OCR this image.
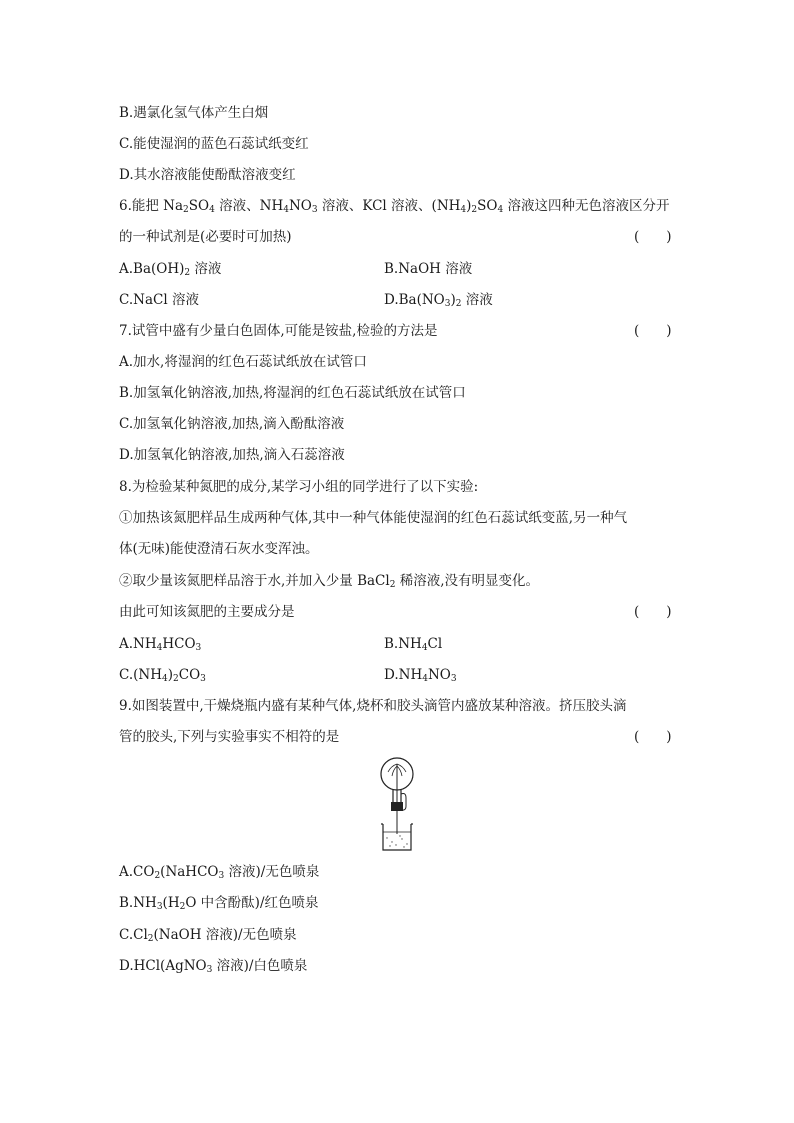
B.遇氯化氢气体产生白烟
C.能使湿润的蓝色石蕊试纸变红
D.其水溶液能使酚酞溶液变红
6.能把 $Na_2SO_4$ 溶液、$NH_4NO_3$ 溶液、KCl 溶液、$(NH_4)_2SO_4$ 溶液这四种无色溶液区分开
的一种试剂是(必要时可加热)	(　　)
$A.Ba(OH)_2$ 溶液	B.NaOH 溶液
C.NaCl 溶液	$D.Ba(NO_3)_2$ 溶液
7.试管中盛有少量白色固体,可能是铵盐,检验的方法是	(　　)
A.加水,将湿润的红色石蕊试纸放在试管口
B.加氢氧化钠溶液,加热,将湿润的红色石蕊试纸放在试管口
C.加氢氧化钠溶液,加热,滴入酚酞溶液
D.加氢氧化钠溶液,加热,滴入石蕊溶液
8.为检验某种氮肥的成分,某学习小组的同学进行了以下实验:
①加热该氮肥样品生成两种气体,其中一种气体能使湿润的红色石蕊试纸变蓝,另一种气
体(无味)能使澄清石灰水变浑浊。
②取少量该氮肥样品溶于水,并加入少量 BaCl$_2$ 稀溶液,没有明显变化。
由此可知该氮肥的主要成分是	(　　)
$A.NH_4HCO_3$	$B.NH_4Cl$
$C.(NH_4)_2CO_3$	$D.NH_4NO_3$
9.如图装置中,干燥烧瓶内盛有某种气体,烧杯和胶头滴管内盛放某种溶液。挤压胶头滴
管的胶头,下列与实验事实不相符的是	(　　)
$A.CO_2(NaHCO_3$ 溶液)/无色喷泉
$B.NH_3(H_2O$ 中含酚酞)/红色喷泉
$C.Cl_2(NaOH$ 溶液)/无色喷泉
D.HCl(AgNO$_3$ 溶液)/白色喷泉
